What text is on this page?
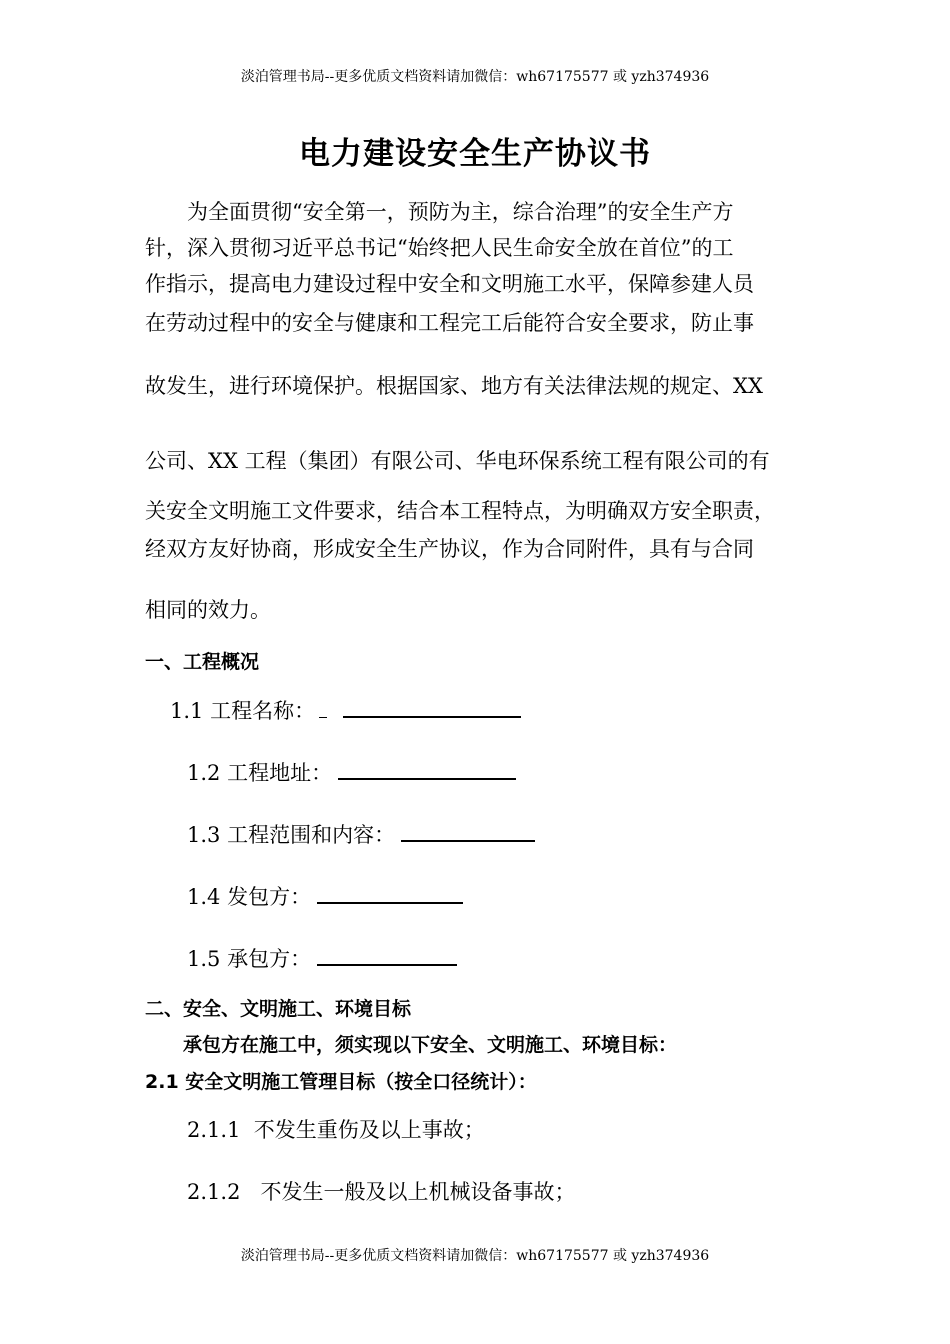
淡泊管理书局--更多优质文档资料请加微信：wh67175577 或 yzh374936
电力建设安全生产协议书
为全面贯彻“安全第一，预防为主，综合治理”的安全生产方
针，深入贯彻习近平总书记“始终把人民生命安全放在首位”的工
作指示，提高电力建设过程中安全和文明施工水平，保障参建人员
在劳动过程中的安全与健康和工程完工后能符合安全要求，防止事
故发生，进行环境保护。根据国家、地方有关法律法规的规定、XX
公司、XX 工程（集团）有限公司、华电环保系统工程有限公司的有
关安全文明施工文件要求，结合本工程特点，为明确双方安全职责，
经双方友好协商，形成安全生产协议，作为合同附件，具有与合同
相同的效力。
一、工程概况
1.1 工程名称：
1.2 工程地址：
1.3 工程范围和内容：
1.4 发包方：
1.5 承包方：
二、安全、文明施工、环境目标
承包方在施工中，须实现以下安全、文明施工、环境目标：
2.1 安全文明施工管理目标（按全口径统计）：
2.1.1  不发生重伤及以上事故；
2.1.2   不发生一般及以上机械设备事故；
淡泊管理书局--更多优质文档资料请加微信：wh67175577 或 yzh374936
